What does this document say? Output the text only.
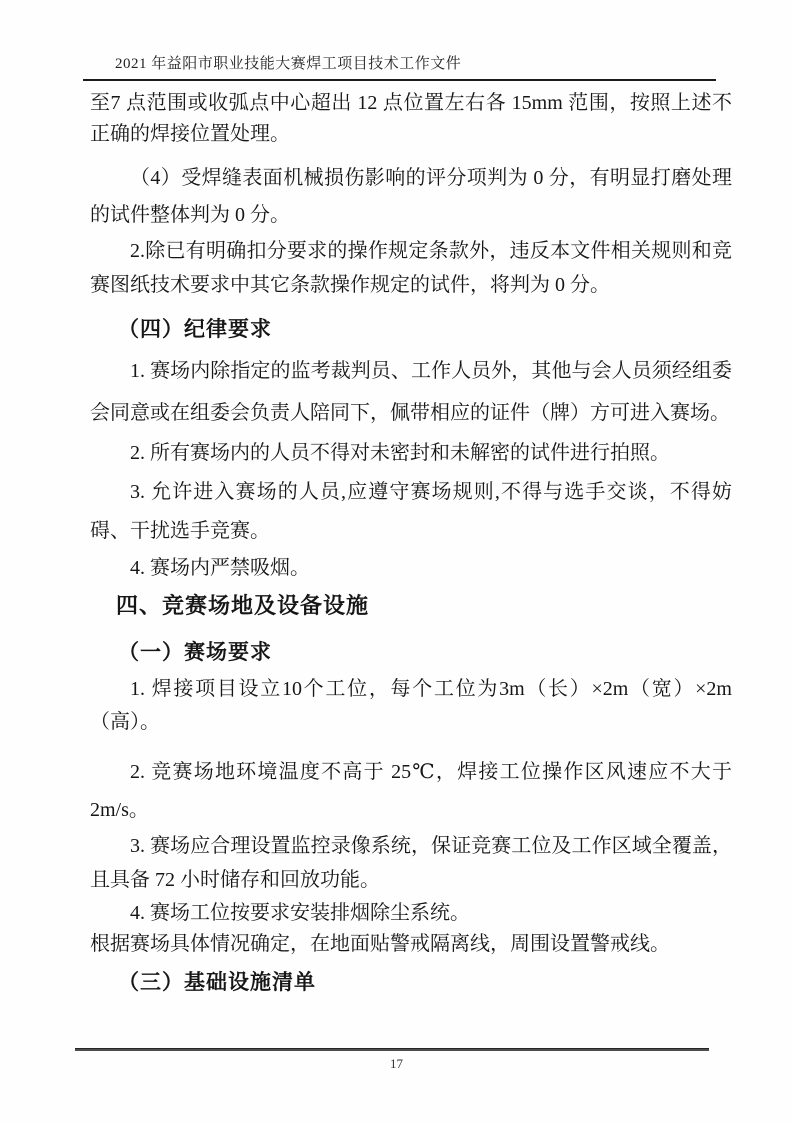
2021 年益阳市职业技能大赛焊工项目技术工作文件

至7 点范围或收弧点中心超出 12 点位置左右各 15mm 范围，按照上述不正确的焊接位置处理。

（4）受焊缝表面机械损伤影响的评分项判为 0 分，有明显打磨处理的试件整体判为 0 分。

2.除已有明确扣分要求的操作规定条款外，违反本文件相关规则和竞赛图纸技术要求中其它条款操作规定的试件，将判为 0 分。

（四）纪律要求

1. 赛场内除指定的监考裁判员、工作人员外，其他与会人员须经组委会同意或在组委会负责人陪同下，佩带相应的证件（牌）方可进入赛场。

2. 所有赛场内的人员不得对未密封和未解密的试件进行拍照。

3. 允许进入赛场的人员,应遵守赛场规则,不得与选手交谈，不得妨碍、干扰选手竞赛。

4. 赛场内严禁吸烟。

四、竞赛场地及设备设施

（一）赛场要求

1. 焊接项目设立10个工位，每个工位为3m（长）×2m（宽）×2m（高）。

2. 竞赛场地环境温度不高于 25℃，焊接工位操作区风速应不大于 2m/s。

3. 赛场应合理设置监控录像系统，保证竞赛工位及工作区域全覆盖，且具备 72 小时储存和回放功能。

4. 赛场工位按要求安装排烟除尘系统。

根据赛场具体情况确定，在地面贴警戒隔离线，周围设置警戒线。

（三）基础设施清单

17
